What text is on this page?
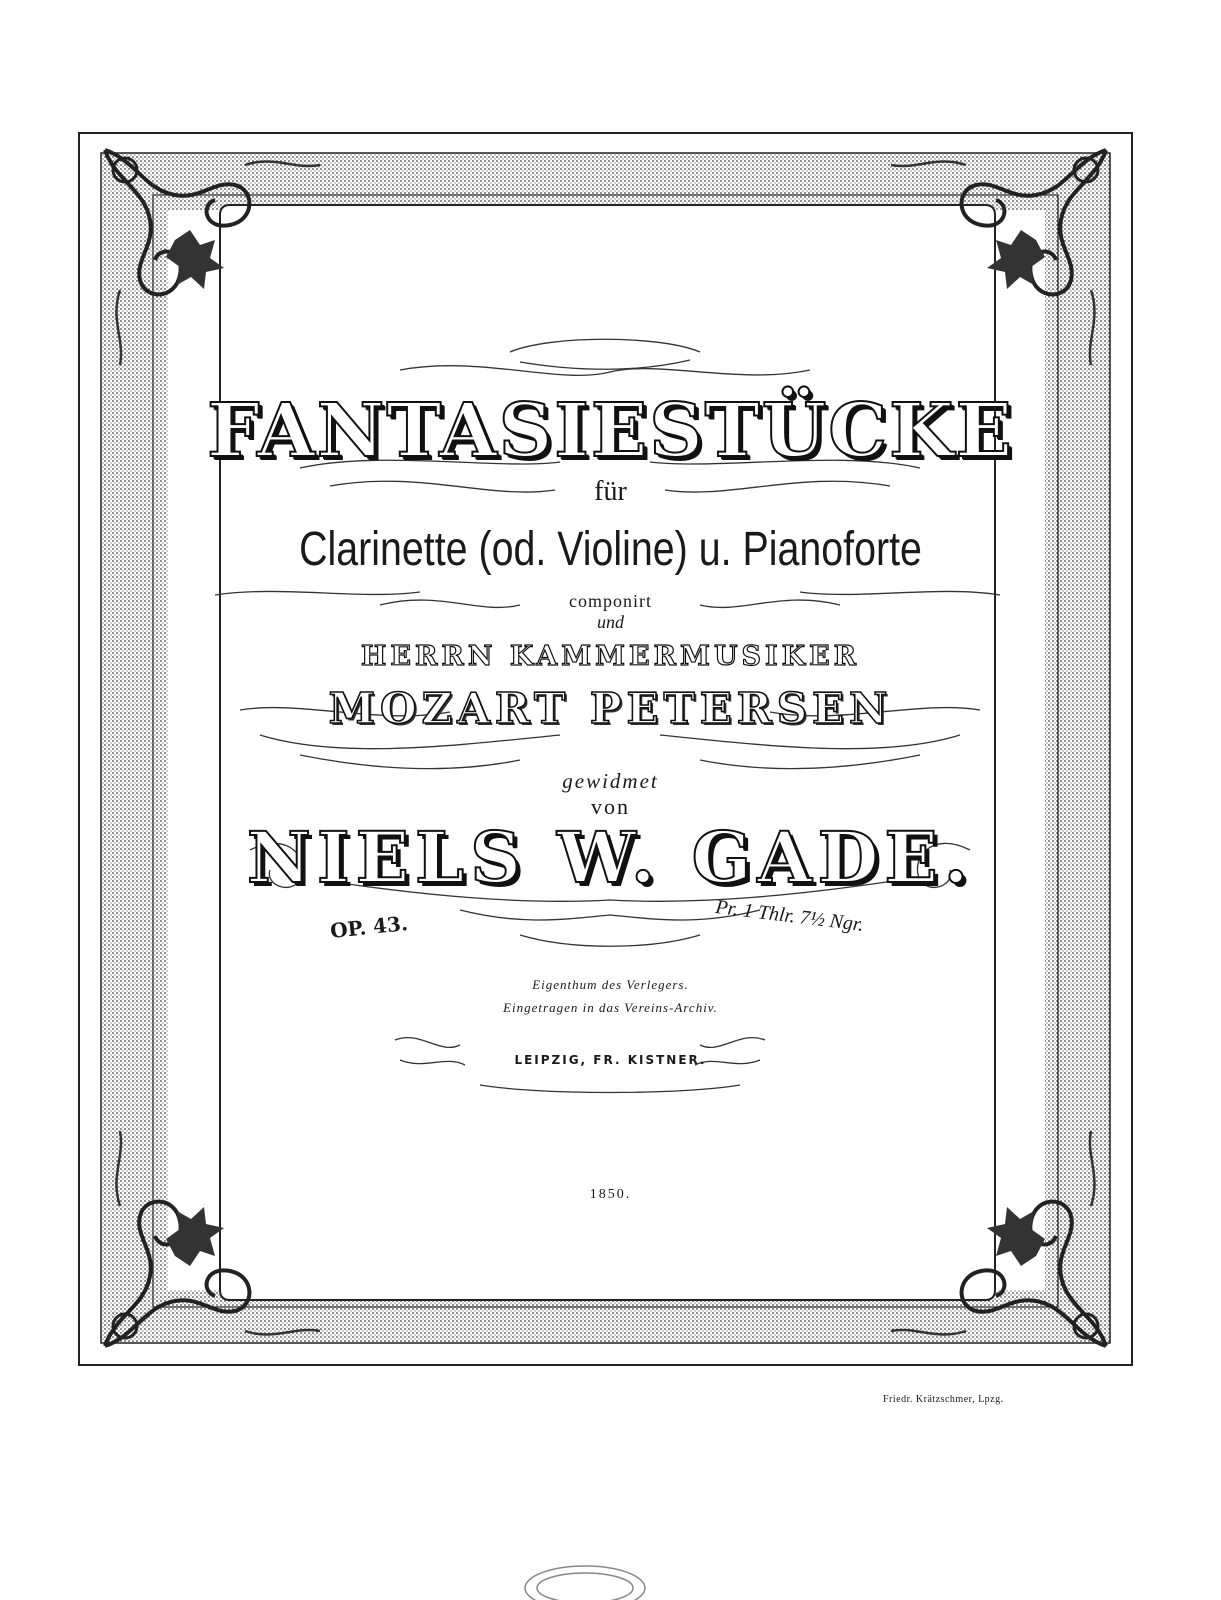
FANTASIESTÜCKE
für
Clarinette (od. Violine) u. Pianoforte
componirt
und
HERRN KAMMERMUSIKER
MOZART PETERSEN
gewidmet
von
NIELS W. GADE.
OP. 43.	Pr. 1 Thlr. 7½ Ngr.
Eigenthum des Verlegers.
Eingetragen in das Vereins-Archiv.
LEIPZIG, FR. KISTNER.
1850.
Friedr. Krätzschmer, Lpzg.
